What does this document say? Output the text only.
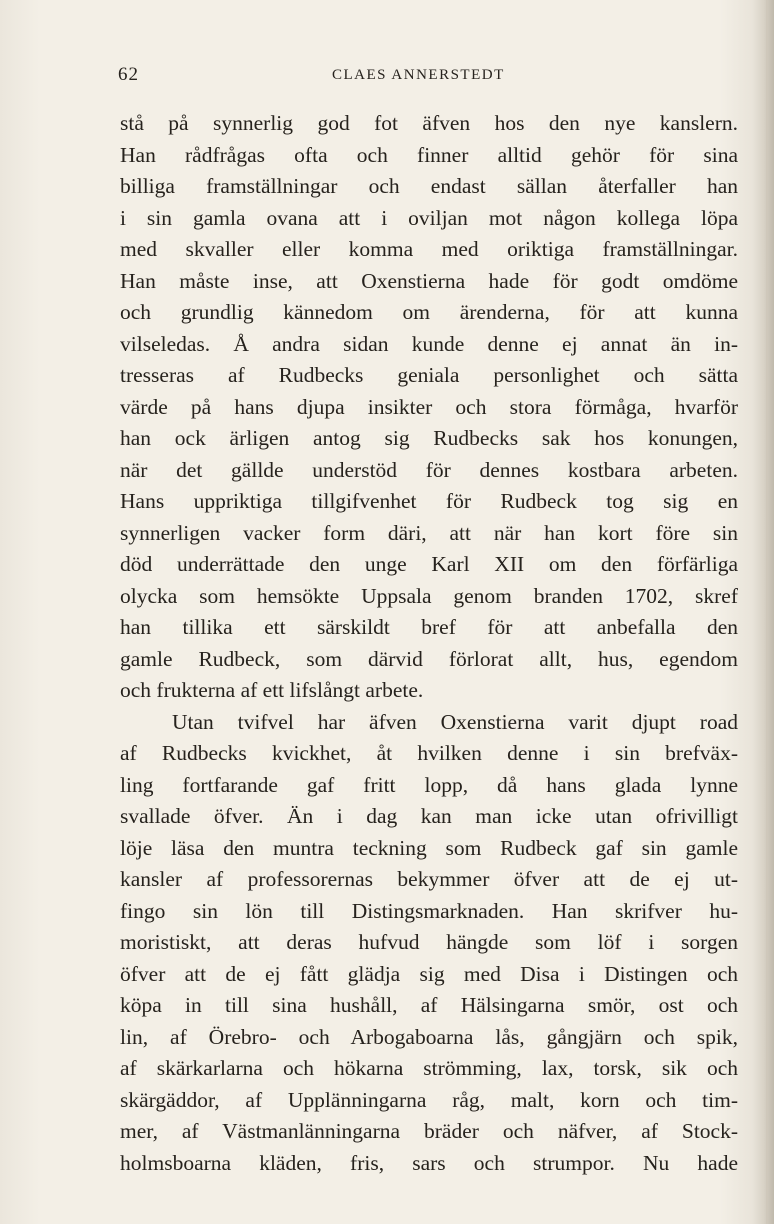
62	CLAES ANNERSTEDT
stå på synnerlig god fot äfven hos den nye kanslern.
Han rådfrågas ofta och finner alltid gehör för sina
billiga framställningar och endast sällan återfaller han
i sin gamla ovana att i oviljan mot någon kollega löpa
med skvaller eller komma med oriktiga framställningar.
Han måste inse, att Oxenstierna hade för godt omdöme
och grundlig kännedom om ärenderna, för att kunna
vilseledas. Å andra sidan kunde denne ej annat än in-
tresseras af Rudbecks geniala personlighet och sätta
värde på hans djupa insikter och stora förmåga, hvarför
han ock ärligen antog sig Rudbecks sak hos konungen,
när det gällde understöd för dennes kostbara arbeten.
Hans uppriktiga tillgifvenhet för Rudbeck tog sig en
synnerligen vacker form däri, att när han kort före sin
död underrättade den unge Karl XII om den förfärliga
olycka som hemsökte Uppsala genom branden 1702, skref
han tillika ett särskildt bref för att anbefalla den
gamle Rudbeck, som därvid förlorat allt, hus, egendom
och frukterna af ett lifslångt arbete.
Utan tvifvel har äfven Oxenstierna varit djupt road
af Rudbecks kvickhet, åt hvilken denne i sin brefväx-
ling fortfarande gaf fritt lopp, då hans glada lynne
svallade öfver. Än i dag kan man icke utan ofrivilligt
löje läsa den muntra teckning som Rudbeck gaf sin gamle
kansler af professorernas bekymmer öfver att de ej ut-
fingo sin lön till Distingsmarknaden. Han skrifver hu-
moristiskt, att deras hufvud hängde som löf i sorgen
öfver att de ej fått glädja sig med Disa i Distingen och
köpa in till sina hushåll, af Hälsingarna smör, ost och
lin, af Örebro- och Arbogaboarna lås, gångjärn och spik,
af skärkarlarna och hökarna strömming, lax, torsk, sik och
skärgäddor, af Upplänningarna råg, malt, korn och tim-
mer, af Västmanlänningarna bräder och näfver, af Stock-
holmsboarna kläden, fris, sars och strumpor. Nu hade
